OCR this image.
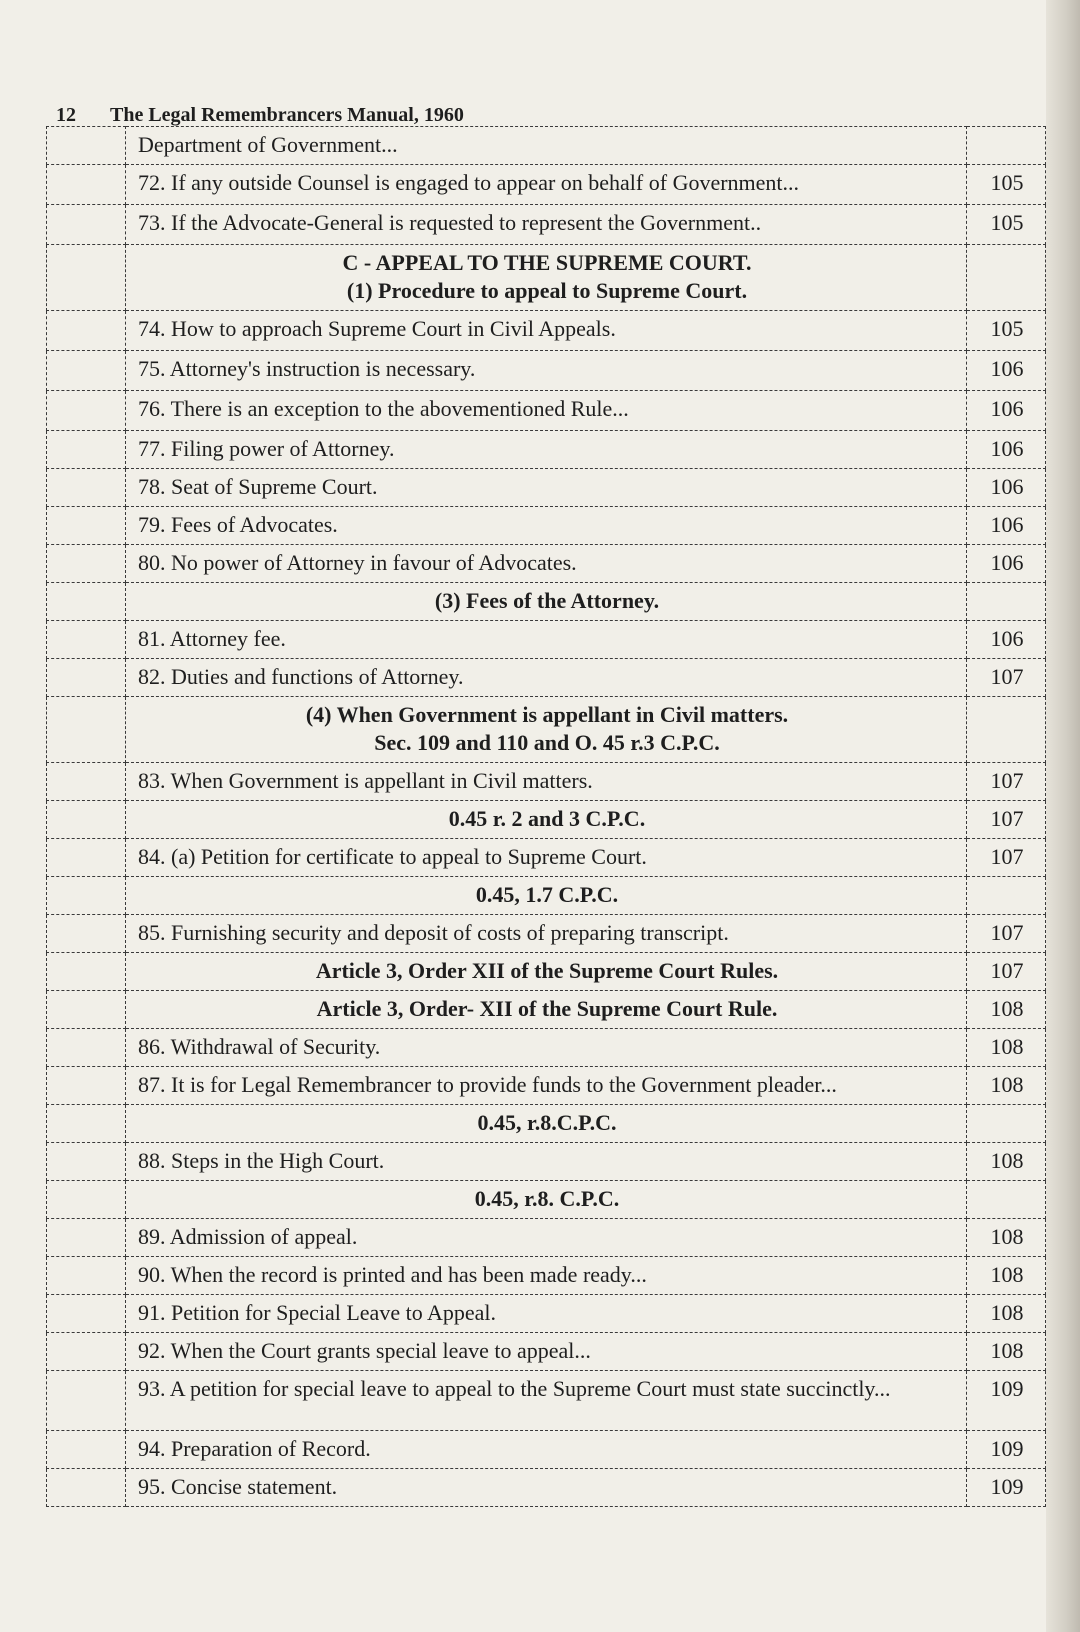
12 The Legal Remembrancers Manual, 1960
	Department of Government...	
	72. If any outside Counsel is engaged to appear on behalf of Government...	105
	73. If the Advocate-General is requested to represent the Government..	105

	C - APPEAL TO THE SUPREME COURT.
(1) Procedure to appeal to Supreme Court.	

	74. How to approach Supreme Court in Civil Appeals.	105
	75. Attorney's instruction is necessary.	106
	76. There is an exception to the abovementioned Rule...	106
	77. Filing power of Attorney.	106
	78. Seat of Supreme Court.	106
	79. Fees of Advocates.	106
	80. No power of Attorney in favour of Advocates.	106

	(3) Fees of the Attorney.	

	81. Attorney fee.	106
	82. Duties and functions of Attorney.	107

	(4) When Government is appellant in Civil matters.
Sec. 109 and 110 and O. 45 r.3 C.P.C.	

	83. When Government is appellant in Civil matters.	107

	0.45 r. 2 and 3 C.P.C.	107
	84. (a) Petition for certificate to appeal to Supreme Court.	107

	0.45, 1.7 C.P.C.	

	85. Furnishing security and deposit of costs of preparing transcript.	107

	Article 3, Order XII of the Supreme Court Rules.	107

	Article 3, Order- XII of the Supreme Court Rule.	108
	86. Withdrawal of Security.	108
	87. It is for Legal Remembrancer to provide funds to the Government pleader...	108

	0.45, r.8.C.P.C.	

	88. Steps in the High Court.	108

	0.45, r.8. C.P.C.	

	89. Admission of appeal.	108
	90. When the record is printed and has been made ready...	108
	91. Petition for Special Leave to Appeal.	108
	92. When the Court grants special leave to appeal...	108
	93. A petition for special leave to appeal to the Supreme Court must state succinctly...	109
	94. Preparation of Record.	109
	95. Concise statement.	109
